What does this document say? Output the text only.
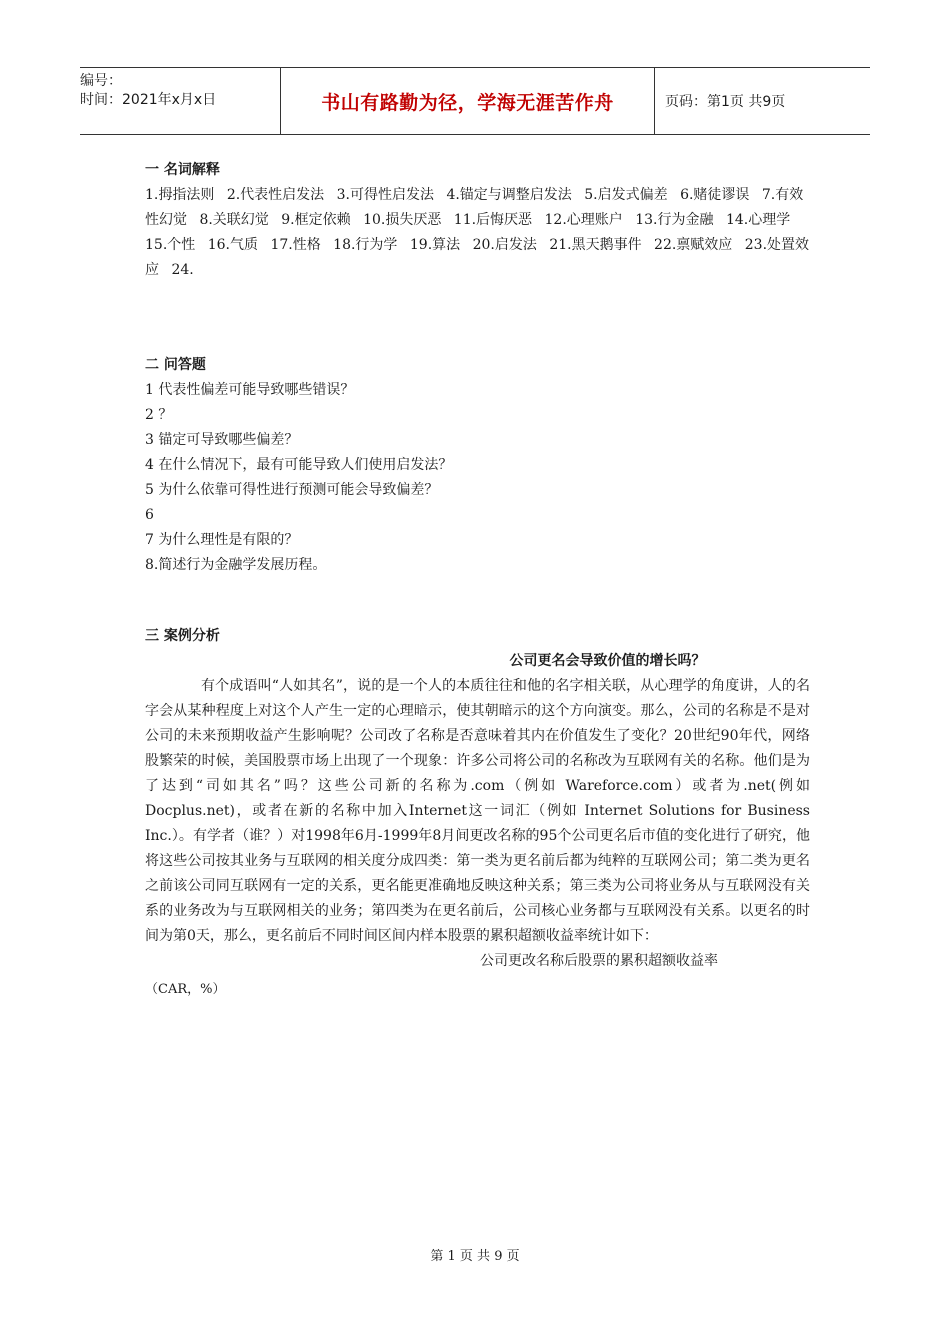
编号：
时间：2021年x月x日	书山有路勤为径，学海无涯苦作舟	页码：第1页 共9页
一 名词解释
1.拇指法则 2.代表性启发法 3.可得性启发法 4.锚定与调整启发法 5.启发式偏差 6.赌徒谬误 7.有效性幻觉 8.关联幻觉 9.框定依赖 10.损失厌恶 11.后悔厌恶 12.心理账户 13.行为金融 14.心理学 15.个性 16.气质 17.性格 18.行为学 19.算法 20.启发法 21.黑天鹅事件 22.禀赋效应 23.处置效应 24.
二 问答题
1 代表性偏差可能导致哪些错误？
2 ？
3 锚定可导致哪些偏差？
4 在什么情况下，最有可能导致人们使用启发法？
5 为什么依靠可得性进行预测可能会导致偏差？
6
7 为什么理性是有限的？
8.简述行为金融学发展历程。
三 案例分析
公司更名会导致价值的增长吗？

有个成语叫“人如其名”，说的是一个人的本质往往和他的名字相关联，从心理学的角度讲，人的名字会从某种程度上对这个人产生一定的心理暗示，使其朝暗示的这个方向演变。那么，公司的名称是不是对公司的未来预期收益产生影响呢？公司改了名称是否意味着其内在价值发生了变化？20世纪90年代，网络股繁荣的时候，美国股票市场上出现了一个现象：许多公司将公司的名称改为互联网有关的名称。他们是为了达到“司如其名”吗？这些公司新的名称为.com（例如 Wareforce.com）或者为.net(例如 Docplus.net)，或者在新的名称中加入Internet这一词汇（例如 Internet Solutions for Business Inc.）。有学者（谁？）对1998年6月-1999年8月间更改名称的95个公司更名后市值的变化进行了研究，他将这些公司按其业务与互联网的相关度分成四类：第一类为更名前后都为纯粹的互联网公司；第二类为更名之前该公司同互联网有一定的关系，更名能更准确地反映这种关系；第三类为公司将业务从与互联网没有关系的业务改为与互联网相关的业务；第四类为在更名前后，公司核心业务都与互联网没有关系。以更名的时间为第0天，那么，更名前后不同时间区间内样本股票的累积超额收益率统计如下：

公司更改名称后股票的累积超额收益率
（CAR，%）
第 1 页 共 9 页
